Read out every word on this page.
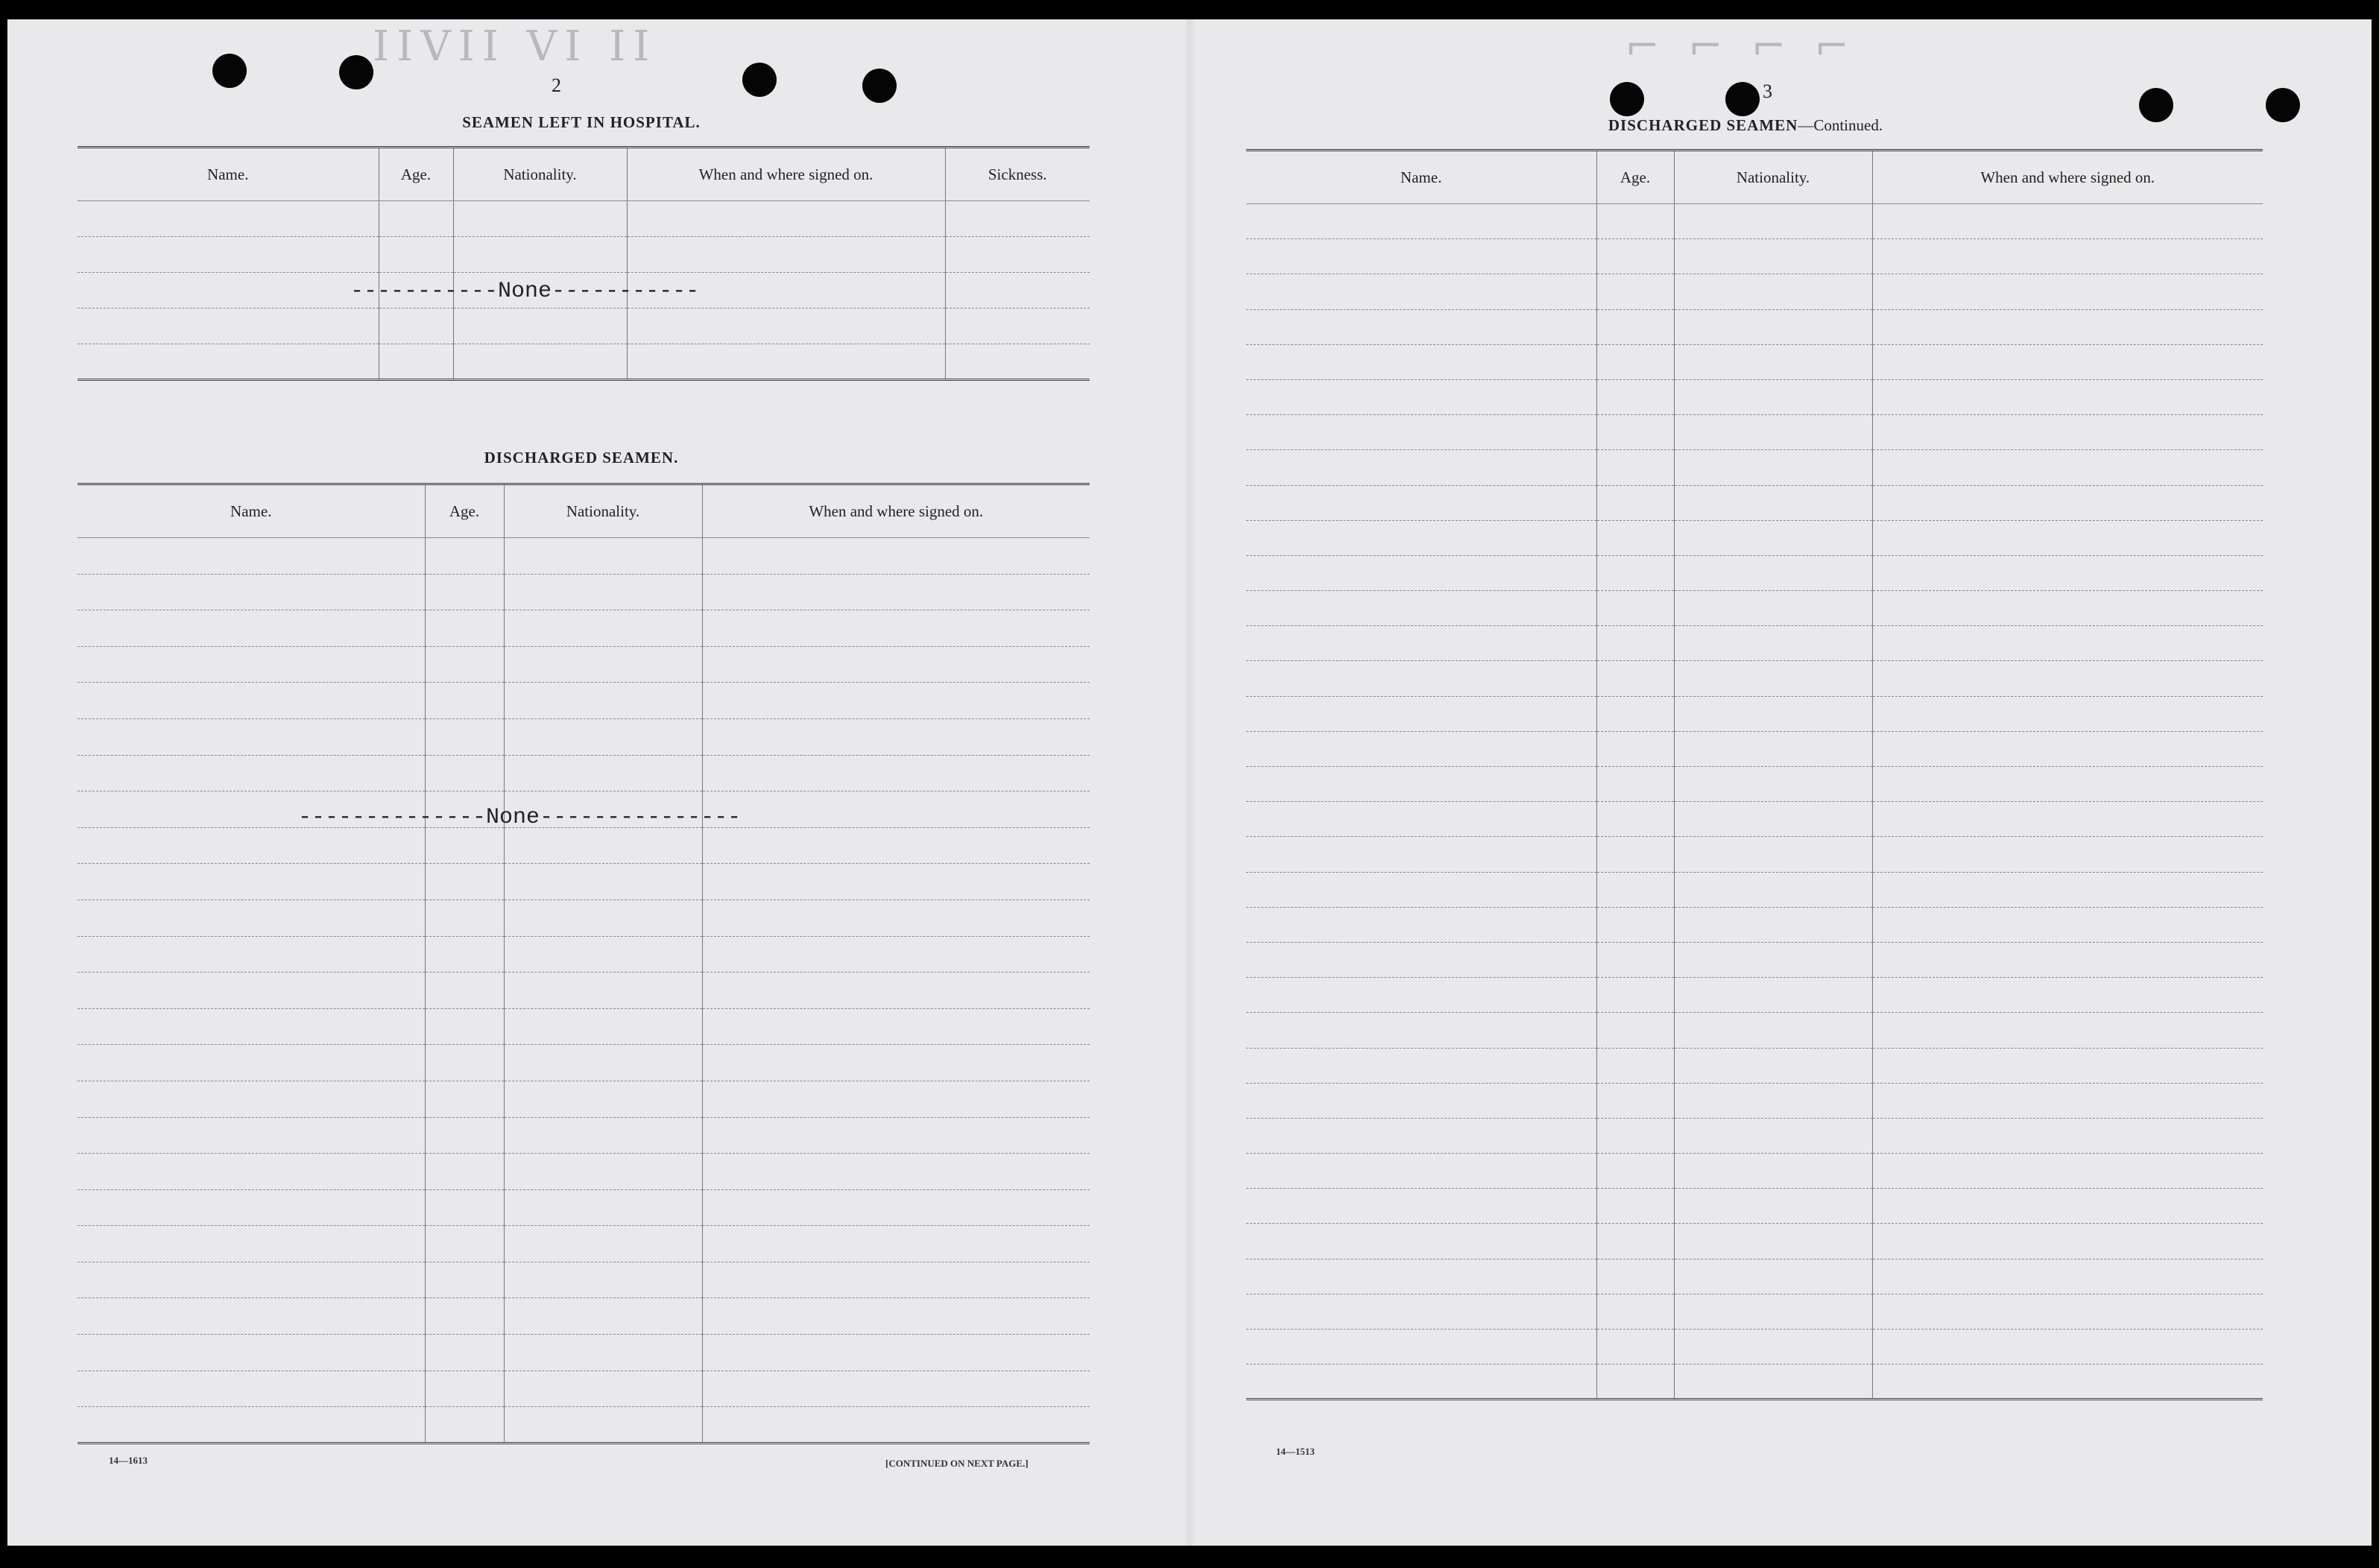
ⅠⅠⅤⅠⅠ ⅤⅠ ⅠⅠ	⌐ ⌐ ⌐ ⌐
2
SEAMEN LEFT IN HOSPITAL.
Name.	Age.	Nationality.	When and where signed on.	Sickness.

-----------None-----------
DISCHARGED SEAMEN.
Name.	Age.	Nationality.	When and where signed on.

--------------None---------------
14—1613	[CONTINUED ON NEXT PAGE.]
3
DISCHARGED SEAMEN—Continued.
Name.	Age.	Nationality.	When and where signed on.

14—1513
